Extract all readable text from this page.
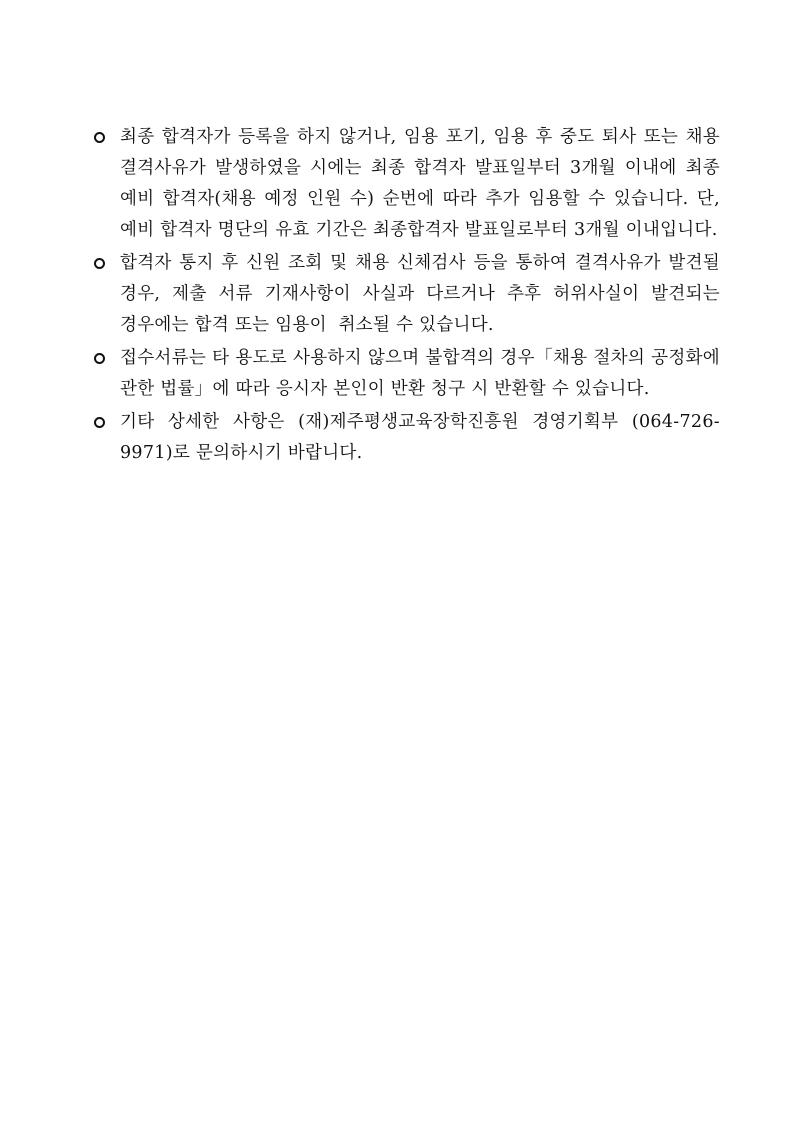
최종 합격자가 등록을 하지 않거나, 임용 포기, 임용 후 중도 퇴사 또는 채용 결격사유가 발생하였을 시에는 최종 합격자 발표일부터 3개월 이내에 최종 예비 합격자(채용 예정 인원 수) 순번에 따라 추가 임용할 수 있습니다. 단, 예비 합격자 명단의 유효 기간은 최종합격자 발표일로부터 3개월 이내입니다.
합격자 통지 후 신원 조회 및 채용 신체검사 등을 통하여 결격사유가 발견될 경우, 제출 서류 기재사항이 사실과 다르거나 추후 허위사실이 발견되는 경우에는 합격 또는 임용이  취소될 수 있습니다.
접수서류는 타 용도로 사용하지 않으며 불합격의 경우「채용 절차의 공정화에 관한 법률」에 따라 응시자 본인이 반환 청구 시 반환할 수 있습니다.
기타 상세한 사항은 (재)제주평생교육장학진흥원 경영기획부 (064-726-9971)로 문의하시기 바랍니다.
